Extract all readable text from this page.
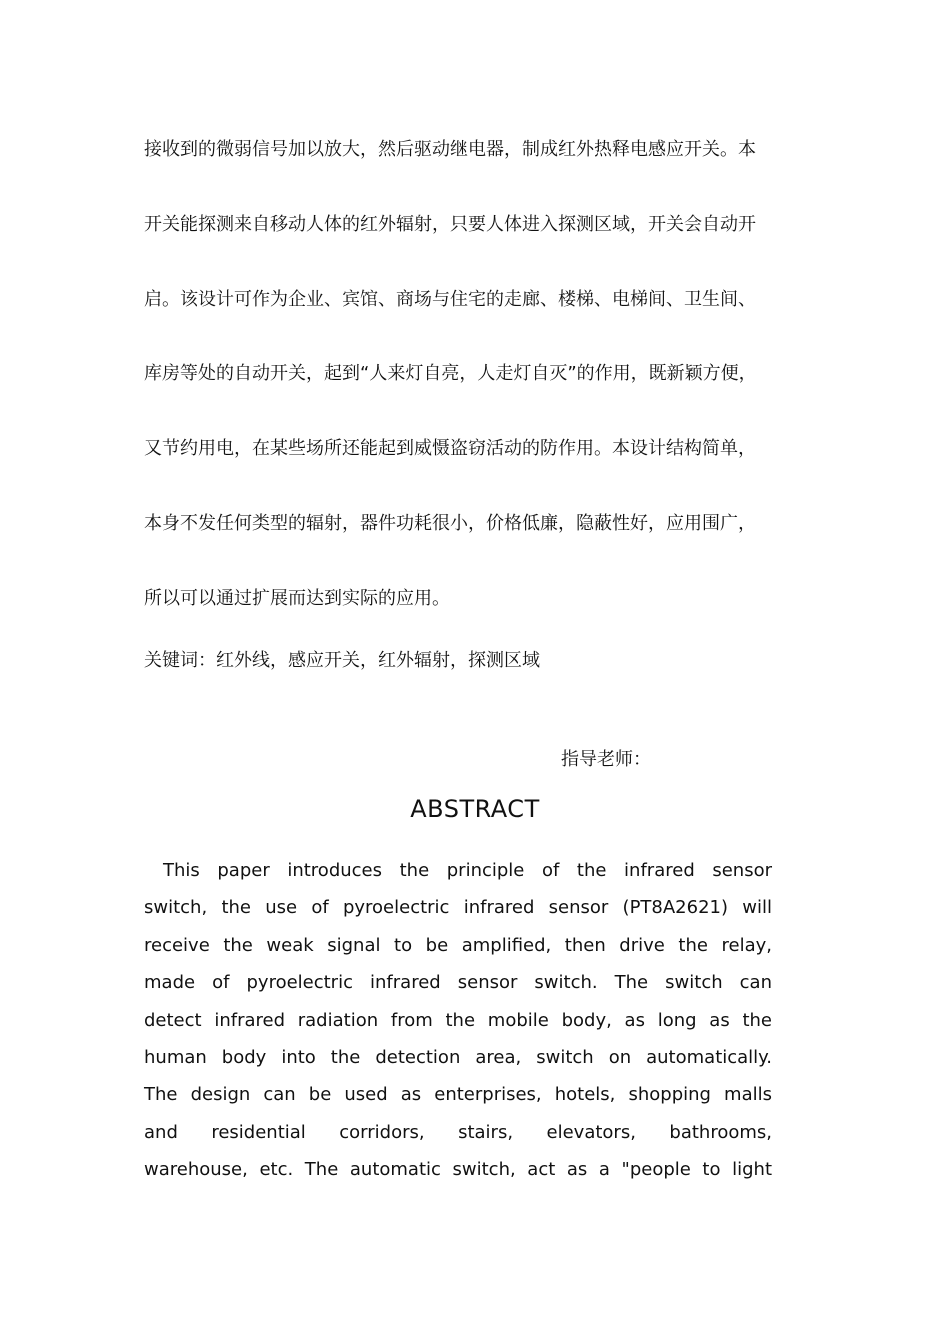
接收到的微弱信号加以放大，然后驱动继电器，制成红外热释电感应开关。本
开关能探测来自移动人体的红外辐射，只要人体进入探测区域，开关会自动开
启。该设计可作为企业、宾馆、商场与住宅的走廊、楼梯、电梯间、卫生间、
库房等处的自动开关，起到“人来灯自亮，人走灯自灭”的作用，既新颖方便，
又节约用电，在某些场所还能起到威慑盗窃活动的防作用。本设计结构简单，
本身不发任何类型的辐射，器件功耗很小，价格低廉，隐蔽性好，应用围广，
所以可以通过扩展而达到实际的应用。
关键词：红外线，感应开关，红外辐射，探测区域
指导老师：
ABSTRACT
This paper introduces the principle of the infrared sensor
switch, the use of pyroelectric infrared sensor (PT8A2621) will
receive the weak signal to be amplified, then drive the relay,
made of pyroelectric infrared sensor switch. The switch can
detect infrared radiation from the mobile body, as long as the
human body into the detection area, switch on automatically.
The design can be used as enterprises, hotels, shopping malls
and residential corridors, stairs, elevators, bathrooms,
warehouse, etc. The automatic switch, act as a "people to light
